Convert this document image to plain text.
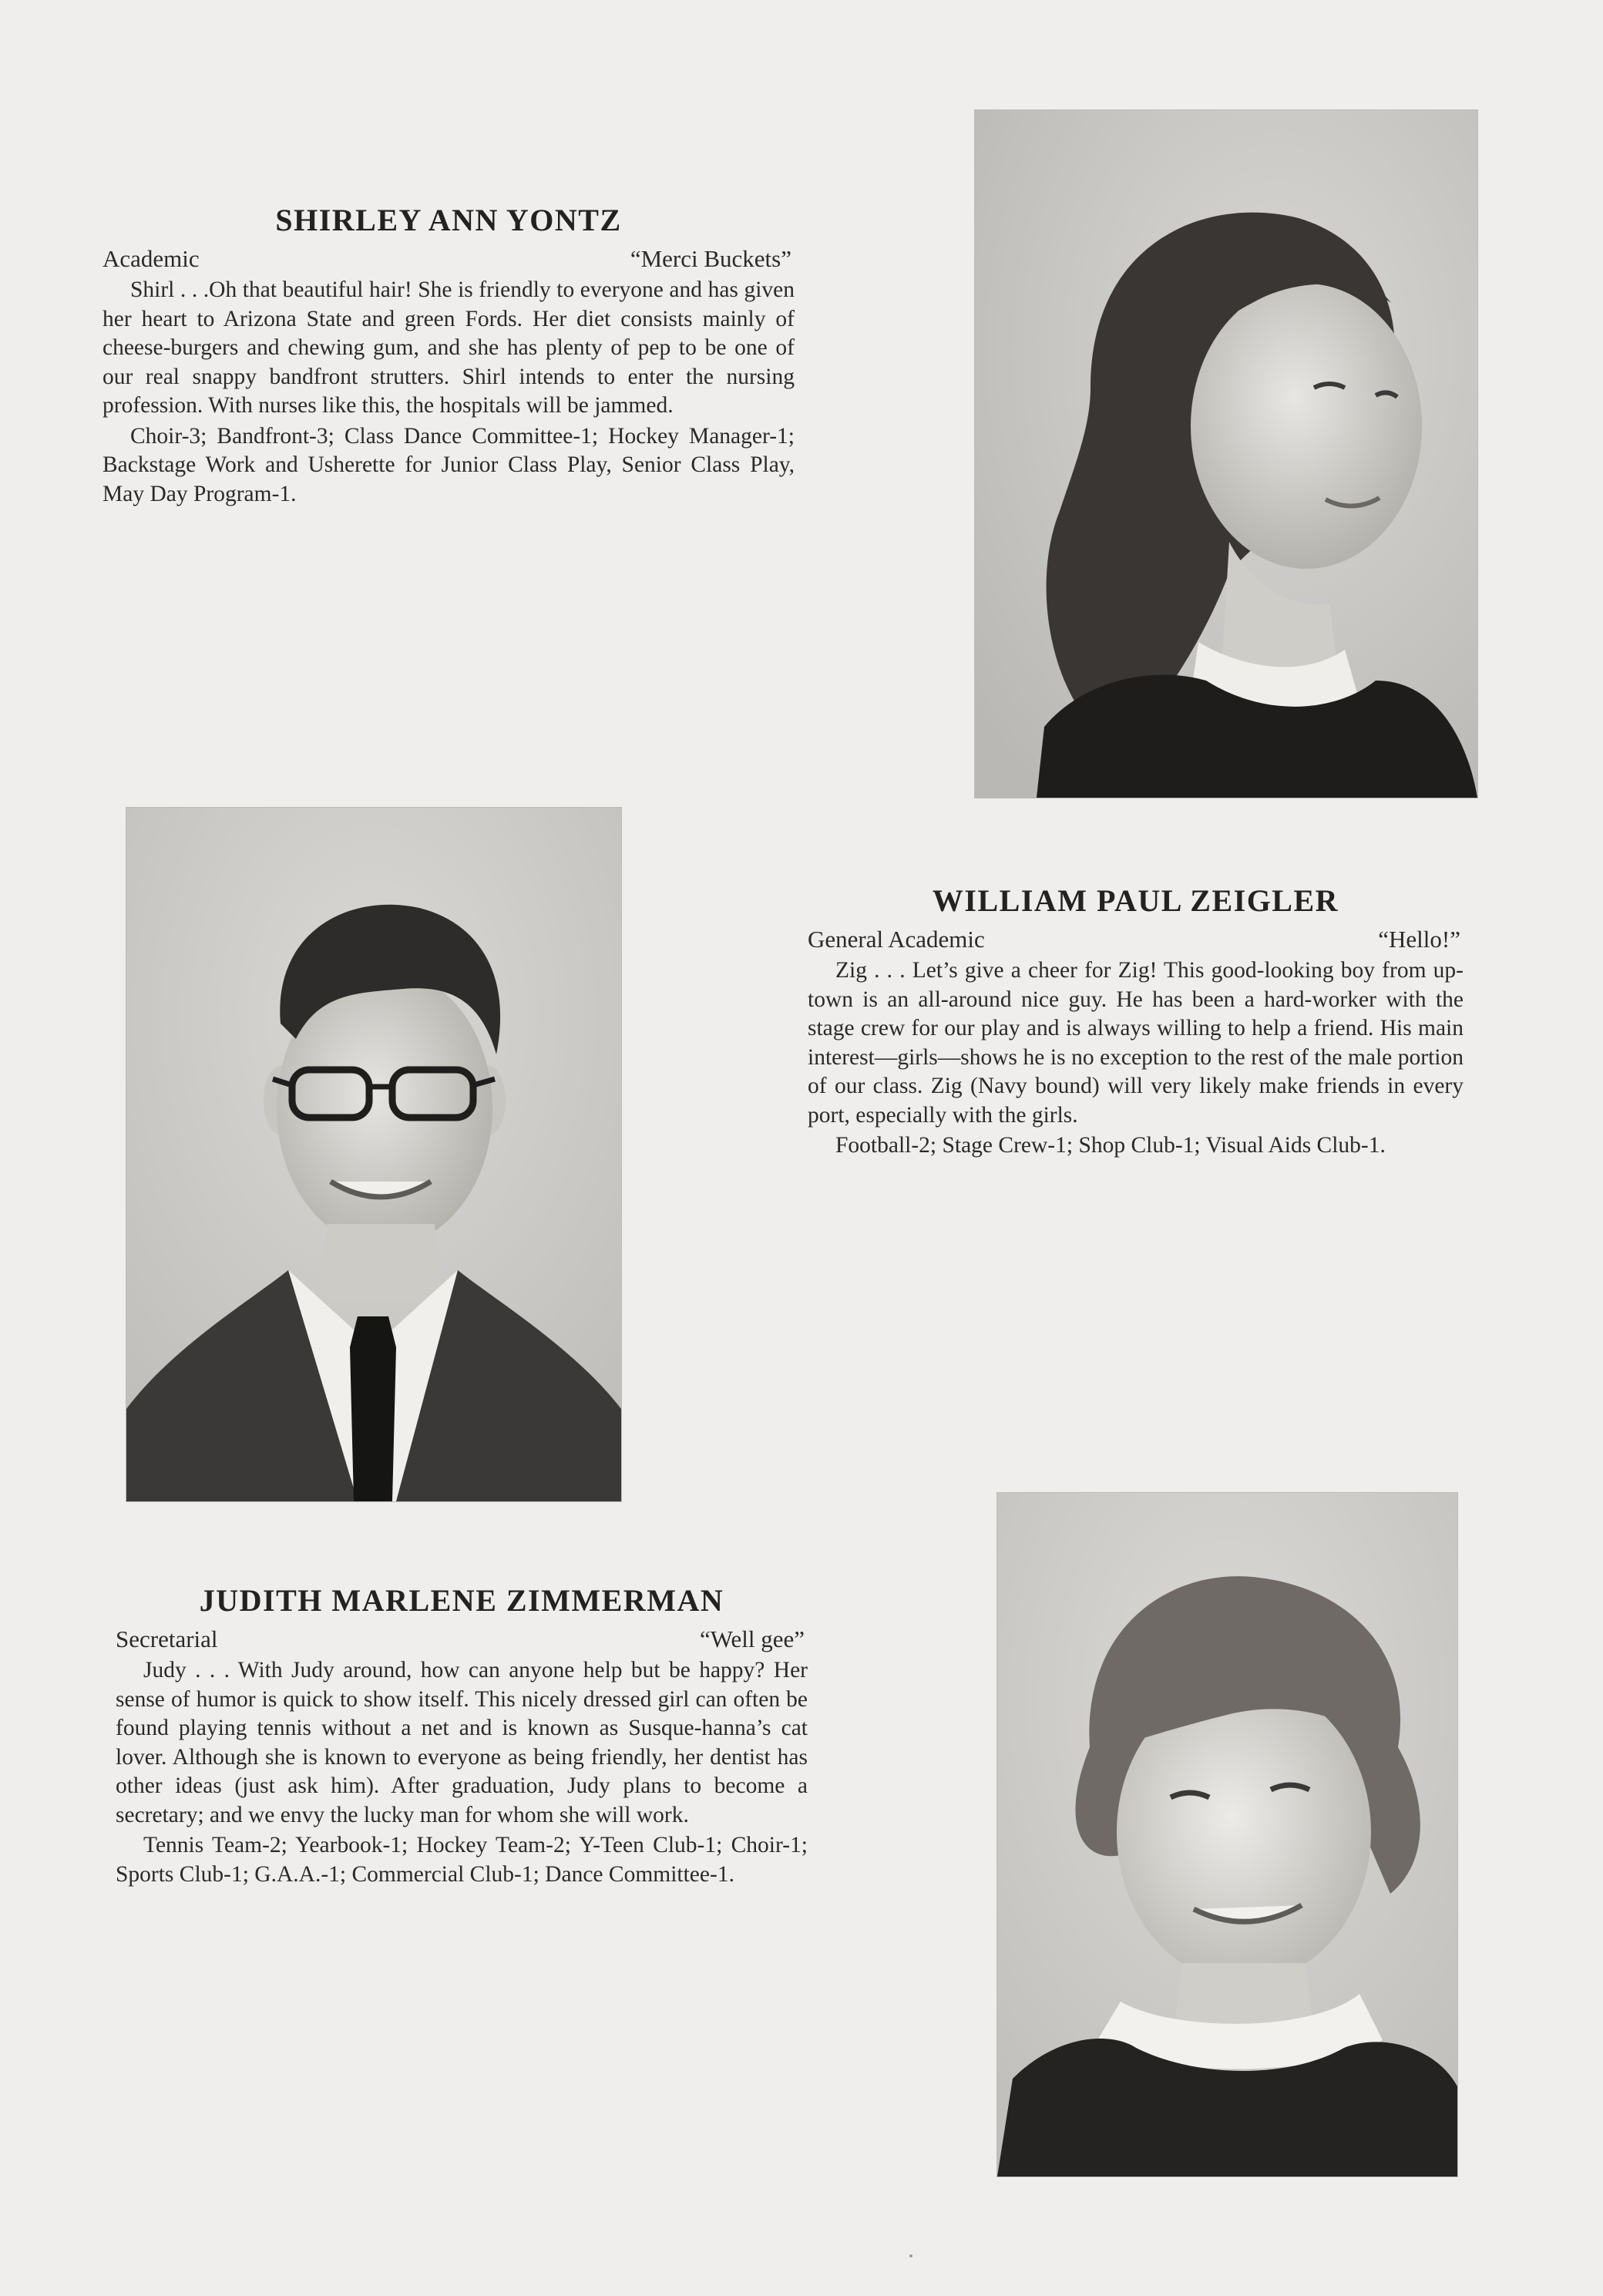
SHIRLEY ANN YONTZ
Academic	“Merci Buckets”

Shirl . . .Oh that beautiful hair! She is friendly to everyone and has given her heart to Arizona State and green Fords. Her diet consists mainly of cheese-burgers and chewing gum, and she has plenty of pep to be one of our real snappy bandfront strutters. Shirl intends to enter the nursing profession. With nurses like this, the hospitals will be jammed.

Choir-3; Bandfront-3; Class Dance Committee-1; Hockey Manager-1; Backstage Work and Usherette for Junior Class Play, Senior Class Play, May Day Program-1.

WILLIAM PAUL ZEIGLER
General Academic	“Hello!”

Zig . . . Let’s give a cheer for Zig! This good-looking boy from up-town is an all-around nice guy. He has been a hard-worker with the stage crew for our play and is always willing to help a friend. His main interest—girls—shows he is no exception to the rest of the male portion of our class. Zig (Navy bound) will very likely make friends in every port, especially with the girls.

Football-2; Stage Crew-1; Shop Club-1; Visual Aids Club-1.

JUDITH MARLENE ZIMMERMAN
Secretarial	“Well gee”

Judy . . . With Judy around, how can anyone help but be happy? Her sense of humor is quick to show itself. This nicely dressed girl can often be found playing tennis without a net and is known as Susque-hanna’s cat lover. Although she is known to everyone as being friendly, her dentist has other ideas (just ask him). After graduation, Judy plans to become a secretary; and we envy the lucky man for whom she will work.

Tennis Team-2; Yearbook-1; Hockey Team-2; Y-Teen Club-1; Choir-1; Sports Club-1; G.A.A.-1; Commercial Club-1; Dance Committee-1.
